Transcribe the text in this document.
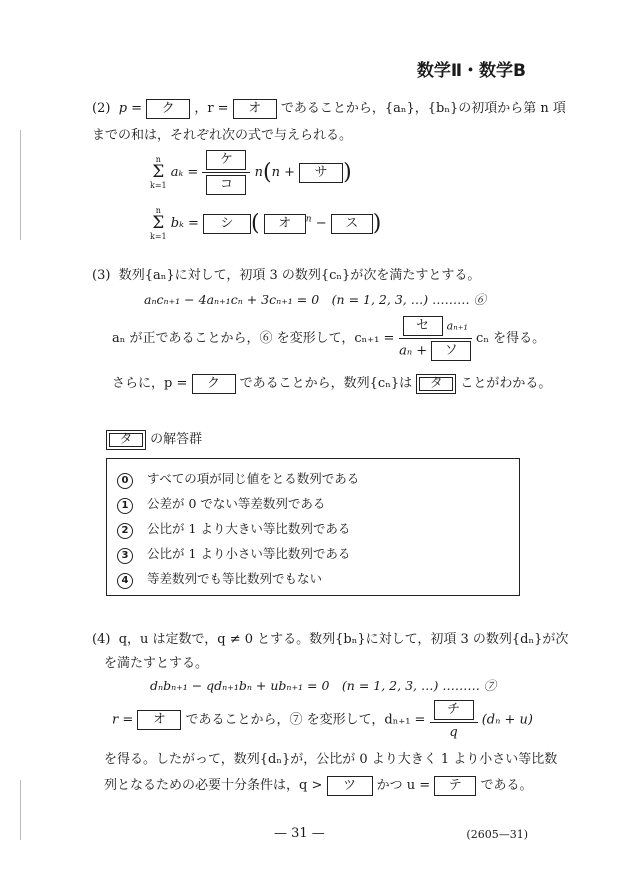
数学Ⅱ・数学B
(2) p = ク ，r = オ であることから，{aₙ}，{bₙ}の初項から第 n 項
までの和は，それぞれ次の式で与えられる。
n
Σ
k=1 $a_k = \frac{\text{ケ}}{\text{コ}} n(n$ + サ )
n
Σ
k=1 bₖ = シ ( オ $^n$ − ス )
(3) 数列{aₙ}に対して，初項 3 の数列{cₙ}が次を満たすとする。
aₙcₙ₊₁ − 4aₙ₊₁cₙ + 3cₙ₊₁ = 0　(n = 1, 2, 3, …) ……… ⑥
aₙ が正であることから，⑥ を変形して，$c_{n+1} = \frac{\text{セ aₙ₊₁}}{\text{aₙ + ソ}}$ cₙ を得る。
さらに，p = ク であることから，数列{cₙ}は タ ことがわかる。
タ の解答群
0 すべての項が同じ値をとる数列である
1 公差が 0 でない等差数列である
2 公比が 1 より大きい等比数列である
3 公比が 1 より小さい等比数列である
4 等差数列でも等比数列でもない
(4) q，u は定数で，q ≠ 0 とする。数列{bₙ}に対して，初項 3 の数列{dₙ}が次
を満たすとする。
dₙbₙ₊₁ − qdₙ₊₁bₙ + ubₙ₊₁ = 0　(n = 1, 2, 3, …) ……… ⑦
r = オ であることから，⑦ を変形して，$d_{n+1} = \frac{\text{チ}}{q} (d_n + u)$
を得る。したがって，数列{dₙ}が，公比が 0 より大きく 1 より小さい等比数
列となるための必要十分条件は，q > ツ かつ u = テ である。
— 31 —	(2605—31)
